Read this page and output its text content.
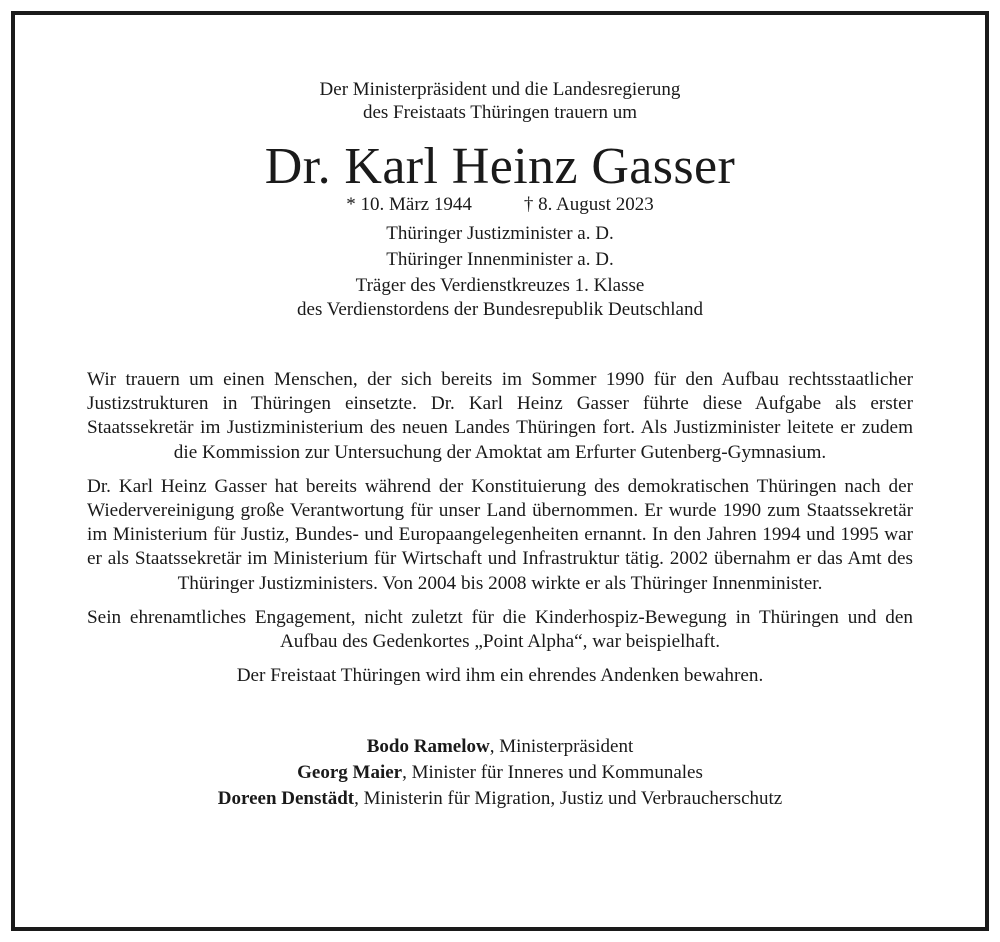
Der Ministerpräsident und die Landesregierung
des Freistaats Thüringen trauern um

Dr. Karl Heinz Gasser

* 10. März 1944	† 8. August 2023

Thüringer Justizminister a. D.
Thüringer Innenminister a. D.
Träger des Verdienstkreuzes 1. Klasse
des Verdienstordens der Bundesrepublik Deutschland

Wir trauern um einen Menschen, der sich bereits im Sommer 1990 für den Aufbau rechtsstaatlicher Justizstrukturen in Thüringen einsetzte. Dr. Karl Heinz Gasser führte diese Aufgabe als erster Staatssekretär im Justizministerium des neuen Landes Thüringen fort. Als Justizminister leitete er zudem die Kommission zur Untersuchung der Amoktat am Erfurter Gutenberg-Gymnasium.

Dr. Karl Heinz Gasser hat bereits während der Konstituierung des demokratischen Thüringen nach der Wiedervereinigung große Verantwortung für unser Land übernommen. Er wurde 1990 zum Staatssekretär im Ministerium für Justiz, Bundes- und Europaangelegenheiten ernannt. In den Jahren 1994 und 1995 war er als Staatssekretär im Ministerium für Wirtschaft und Infrastruktur tätig. 2002 übernahm er das Amt des Thüringer Justizministers. Von 2004 bis 2008 wirkte er als Thüringer Innenminister.

Sein ehrenamtliches Engagement, nicht zuletzt für die Kinderhospiz-Bewegung in Thüringen und den Aufbau des Gedenkortes „Point Alpha“, war beispielhaft.

Der Freistaat Thüringen wird ihm ein ehrendes Andenken bewahren.

Bodo Ramelow, Ministerpräsident
Georg Maier, Minister für Inneres und Kommunales
Doreen Denstädt, Ministerin für Migration, Justiz und Verbraucherschutz
